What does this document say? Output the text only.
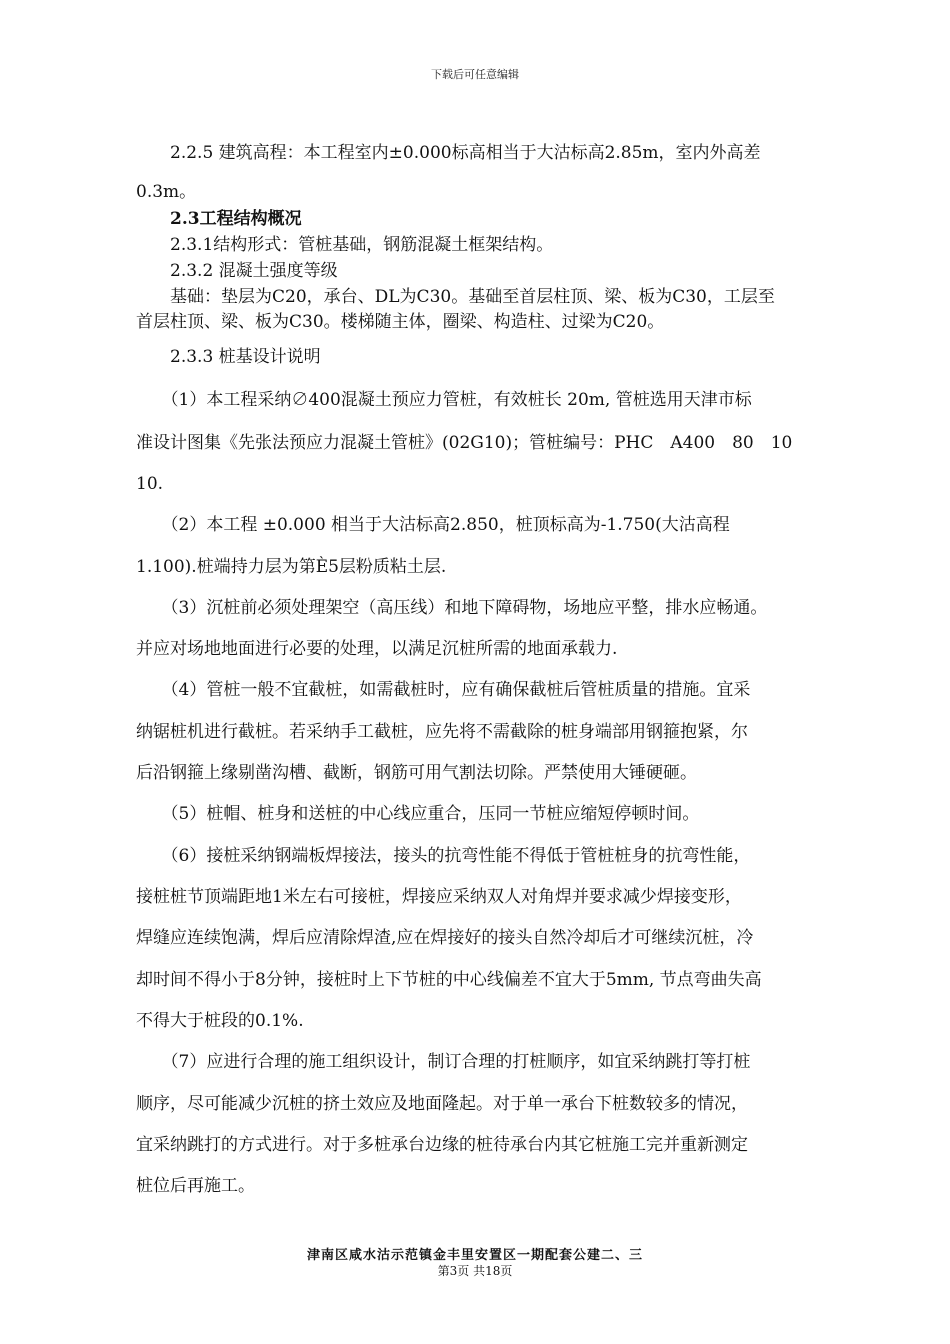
下载后可任意编辑
　　2.2.5 建筑高程：本工程室内±0.000标高相当于大沽标高2.85m，室内外高差
0.3m。
　　2.3工程结构概况
　　2.3.1结构形式：管桩基础，钢筋混凝土框架结构。
　　2.3.2 混凝土强度等级
　　基础：垫层为C20，承台、DL为C30。基础至首层柱顶、梁、板为C30，工层至
首层柱顶、梁、板为C30。楼梯随主体，圈梁、构造柱、过梁为C20。
　　2.3.3 桩基设计说明
　　（1）本工程采纳∅400混凝土预应力管桩，有效桩长 20m, 管桩选用天津市标
准设计图集《先张法预应力混凝土管桩》(02G10)；管桩编号：PHC　A400　80　10
10.
　　（2）本工程 ±0.000 相当于大沽标高2.850，桩顶标高为-1.750(大沽高程
1.100).桩端持力层为第È5层粉质粘土层.
　　（3）沉桩前必须处理架空（高压线）和地下障碍物，场地应平整，排水应畅通。
并应对场地地面进行必要的处理，以满足沉桩所需的地面承载力.
　　（4）管桩一般不宜截桩，如需截桩时，应有确保截桩后管桩质量的措施。宜采
纳锯桩机进行截桩。若采纳手工截桩，应先将不需截除的桩身端部用钢箍抱紧，尔
后沿钢箍上缘剔凿沟槽、截断，钢筋可用气割法切除。严禁使用大锤硬砸。
　　（5）桩帽、桩身和送桩的中心线应重合，压同一节桩应缩短停顿时间。
　　（6）接桩采纳钢端板焊接法，接头的抗弯性能不得低于管桩桩身的抗弯性能，
接桩桩节顶端距地1米左右可接桩，焊接应采纳双人对角焊并要求减少焊接变形，
焊缝应连续饱满，焊后应清除焊渣,应在焊接好的接头自然冷却后才可继续沉桩，冷
却时间不得小于8分钟，接桩时上下节桩的中心线偏差不宜大于5mm, 节点弯曲失高
不得大于桩段的0.1%.
　　（7）应进行合理的施工组织设计，制订合理的打桩顺序，如宜采纳跳打等打桩
顺序，尽可能减少沉桩的挤土效应及地面隆起。对于单一承台下桩数较多的情况，
宜采纳跳打的方式进行。对于多桩承台边缘的桩待承台内其它桩施工完并重新测定
桩位后再施工。
津南区咸水沽示范镇金丰里安置区一期配套公建二、三
第3页 共18页
